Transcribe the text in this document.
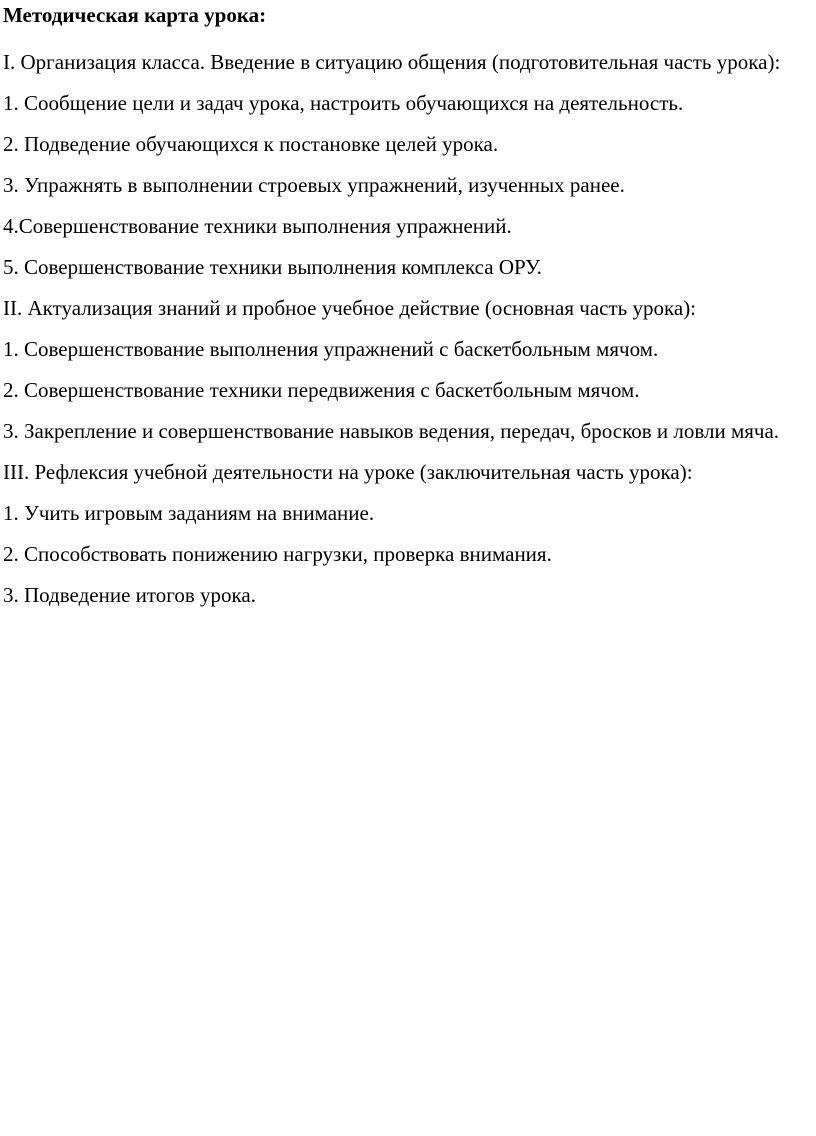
Методическая карта урока:

I. Организация класса. Введение в ситуацию общения (подготовительная часть урока):

1. Сообщение цели и задач урока, настроить обучающихся на деятельность.

2. Подведение обучающихся к постановке целей урока.

3. Упражнять в выполнении строевых упражнений, изученных ранее.

4.Совершенствование техники выполнения упражнений.

5. Совершенствование техники выполнения комплекса ОРУ.

II. Актуализация знаний и пробное учебное действие (основная часть урока):

1. Совершенствование выполнения упражнений с баскетбольным мячом.

2. Совершенствование техники передвижения с баскетбольным мячом.

3. Закрепление и совершенствование навыков ведения, передач, бросков и ловли мяча.

III. Рефлексия учебной деятельности на уроке (заключительная часть урока):

1. Учить игровым заданиям на внимание.

2. Способствовать понижению нагрузки, проверка внимания.

3. Подведение итогов урока.
